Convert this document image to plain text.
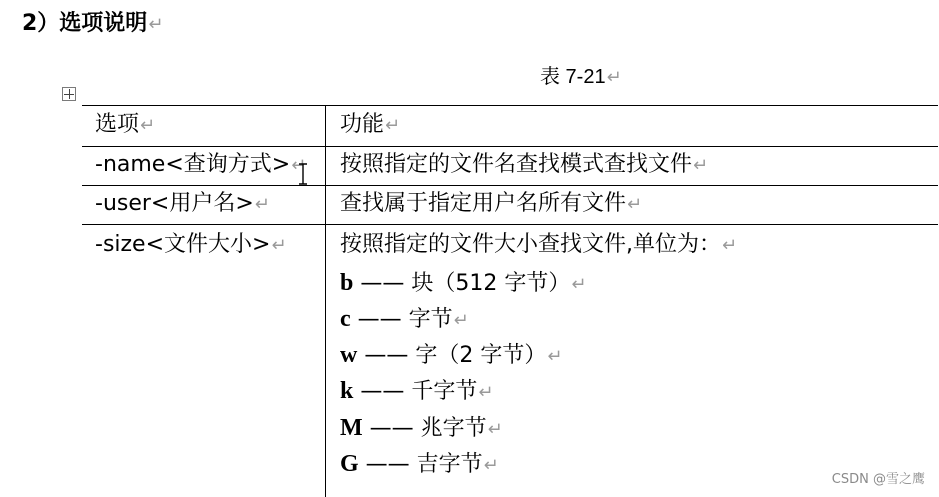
2）选项说明↵
表 7-21↵
选项↵	功能↵
-name<查询方式>↵ 按照指定的文件名查找模式查找文件↵
-user<用户名>↵	查找属于指定用户名所有文件↵
-size<文件大小>↵ 按照指定的文件大小查找文件,单位为：↵
b —— 块（512 字节）↵
c —— 字节↵
w —— 字（2 字节）↵
k —— 千字节↵
M —— 兆字节↵
G —— 吉字节↵
CSDN @雪之鹰
